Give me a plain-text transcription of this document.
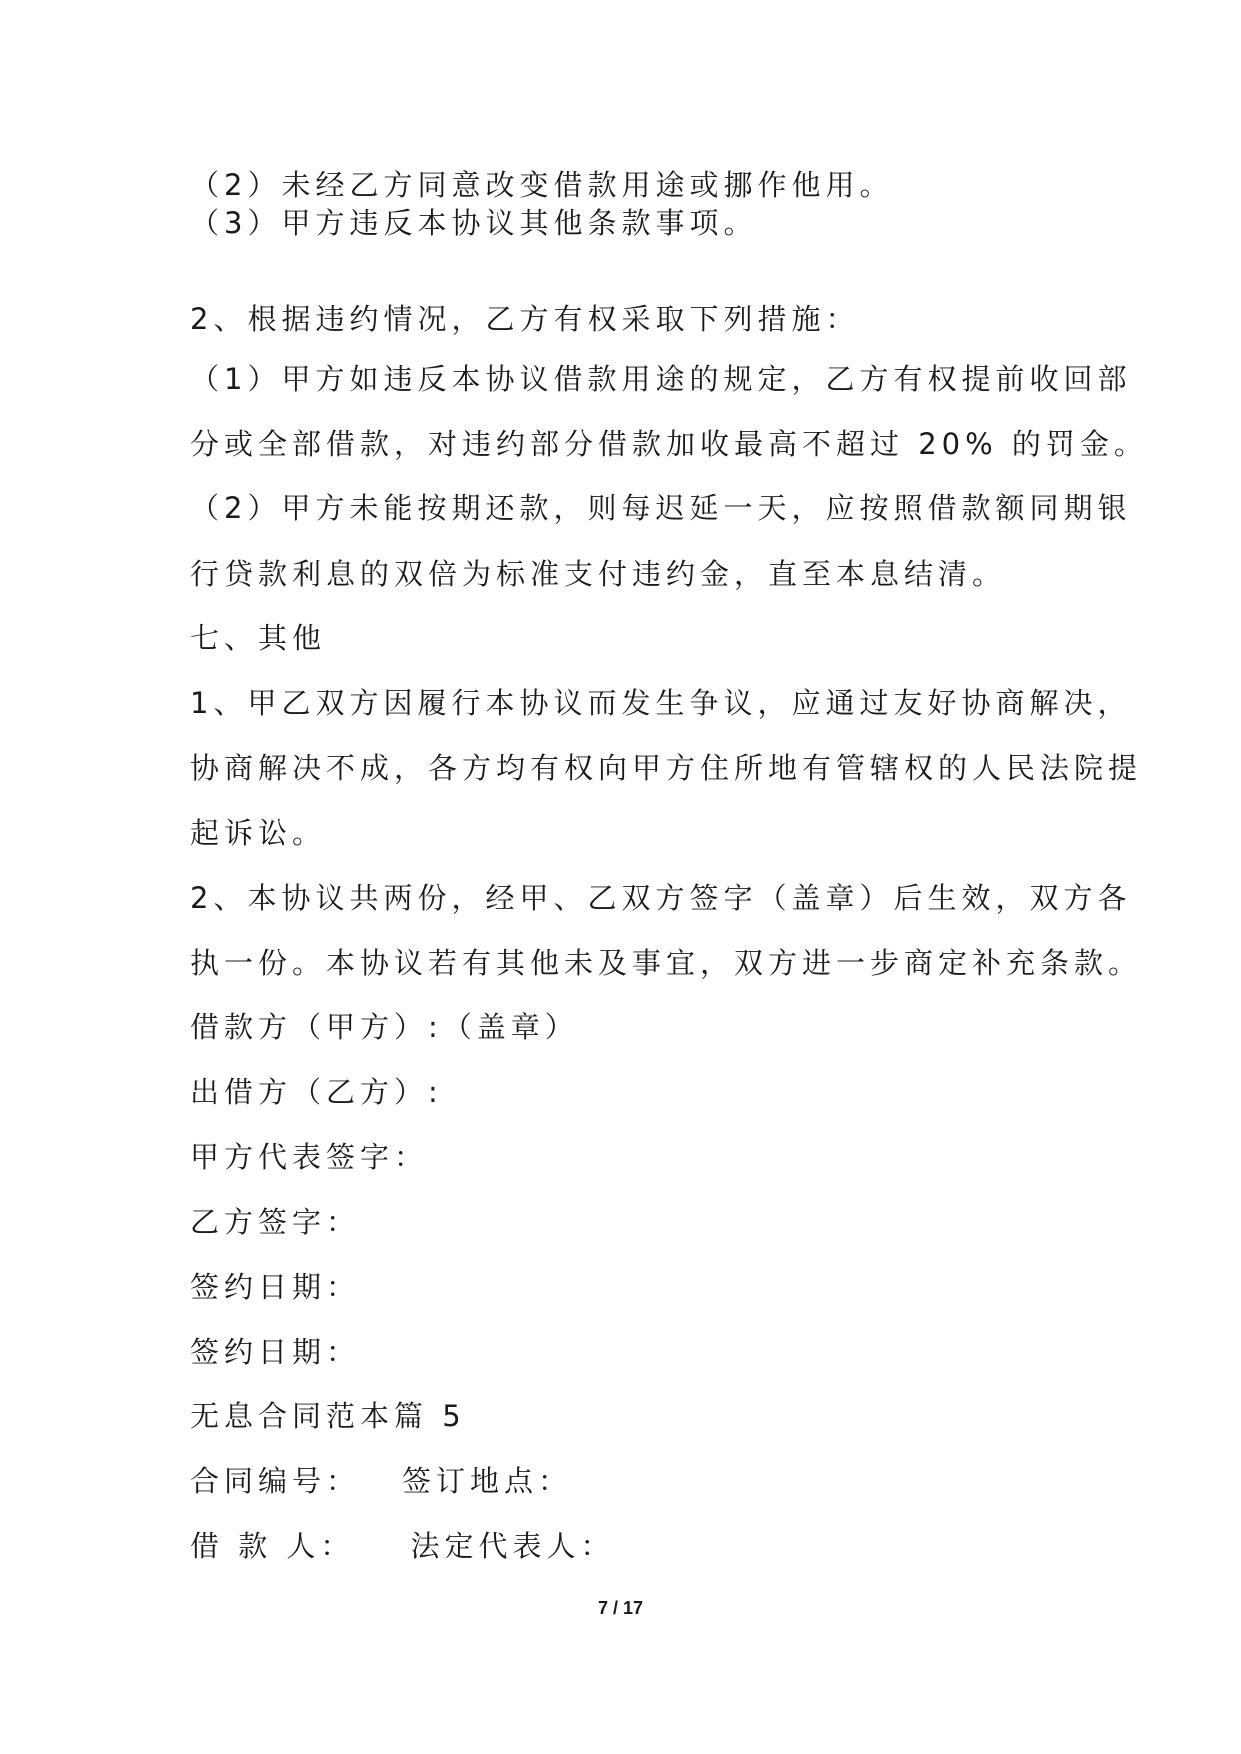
（2）未经乙方同意改变借款用途或挪作他用。
（3）甲方违反本协议其他条款事项。
2、根据违约情况，乙方有权采取下列措施：
（1）甲方如违反本协议借款用途的规定，乙方有权提前收回部
分或全部借款，对违约部分借款加收最高不超过 20% 的罚金。
（2）甲方未能按期还款，则每迟延一天，应按照借款额同期银
行贷款利息的双倍为标准支付违约金，直至本息结清。
七、其他
1、甲乙双方因履行本协议而发生争议，应通过友好协商解决，
协商解决不成，各方均有权向甲方住所地有管辖权的人民法院提
起诉讼。
2、本协议共两份，经甲、乙双方签字（盖章）后生效，双方各
执一份。本协议若有其他未及事宜，双方进一步商定补充条款。
借款方（甲方）:（盖章）
出借方（乙方）:
甲方代表签字：
乙方签字：
签约日期：
签约日期：
无息合同范本篇 5
合同编号： 签订地点：
借 款 人： 法定代表人：
7 / 17
